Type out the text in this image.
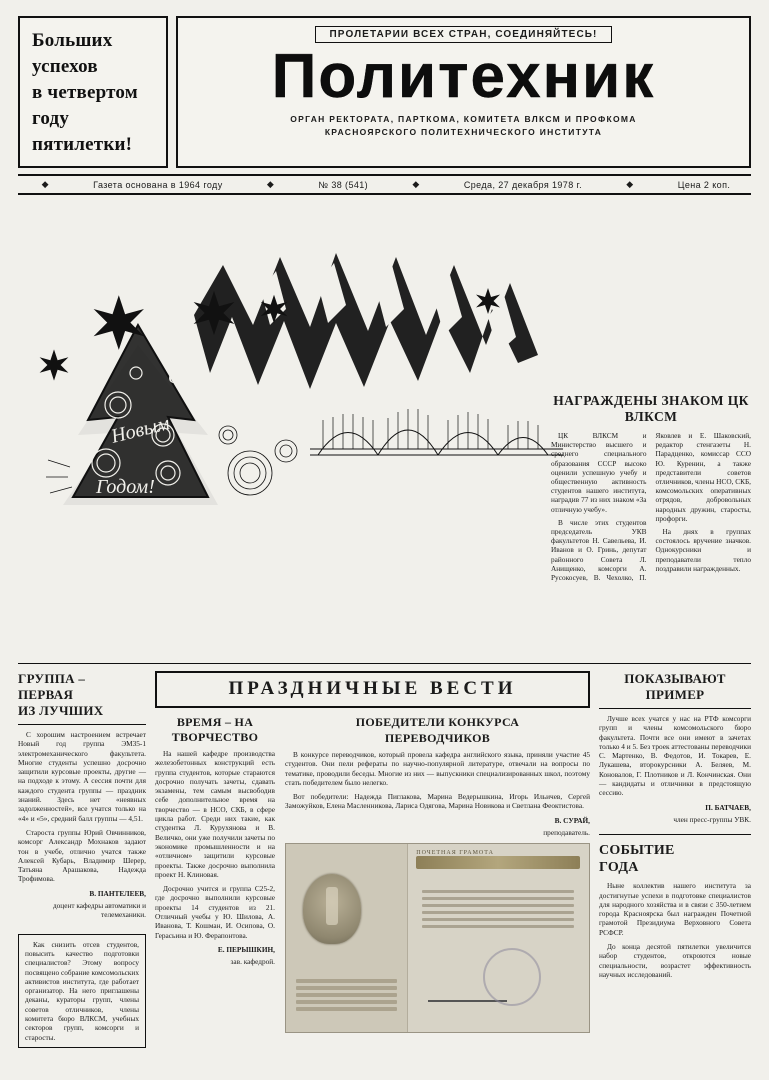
Больших
успехов
в четвертом
году
пятилетки!
ПРОЛЕТАРИИ ВСЕХ СТРАН, СОЕДИНЯЙТЕСЬ!
Политехник
ОРГАН РЕКТОРАТА, ПАРТКОМА, КОМИТЕТА ВЛКСМ И ПРОФКОМА
КРАСНОЯРСКОГО ПОЛИТЕХНИЧЕСКОГО ИНСТИТУТА
◆	Газета основана в 1964 году	◆	№ 38 (541)	◆	Среда, 27 декабря 1978 г.	◆	Цена 2 коп.
С
Новым
Годом!
НАГРАЖДЕНЫ ЗНАКОМ ЦК ВЛКСМ

ЦК ВЛКСМ и Министерство высшего и среднего специального образования СССР высоко оценили успешную учебу и общественную активность студентов нашего института, наградив 77 из них знаком «За отличную учебу».

В числе этих студентов председатель УКВ факультетов Н. Савельева, И. Иванов и О. Гринь, депутат районного Совета Л. Анищенко, комсорги А. Русокосуев, В. Чехолко, П. Яковлев и Е. Шаковский, редактор стенгазеты Н. Парадценко, комиссар ССО Ю. Куренин, а также представители советов отличников, члены НСО, СКБ, комсомольских оперативных отрядов, добровольных народных дружин, старосты, профорги.

На днях в группах состоялось вручение значков. Однокурсники и преподаватели тепло поздравили награжденных.

ГРУППА –
ПЕРВАЯ
ИЗ ЛУЧШИХ

С хорошим настроением встречает Новый год группа ЭМ35-1 электромеханического факультета. Многие студенты успешно досрочно защитили курсовые проекты, другие — на подходе к этому. А сессия почти для каждого студента группы — праздник знаний. Здесь нет «неявных задолженностей», все учатся только на «4» и «5», средний балл группы — 4,51.

Староста группы Юрий Овчинников, комсорг Александр Мохнаков задают тон в учебе, отлично учатся также Алексей Кубарь, Владимир Шерер, Татьяна Арашакова, Надежда Трофимова.

В. ПАНТЕЛЕЕВ,
доцент кафедры автоматики и телемеханики.

Как снизить отсев студентов, повысить качество подготовки специалистов? Этому вопросу посвящено собрание комсомольских активистов института, где работает организатор. На него приглашены деканы, кураторы групп, члены советов отличников, члены комитета бюро ВЛКСМ, учебных секторов групп, комсорги и старосты.

ПРАЗДНИЧНЫЕ ВЕСТИ
ВРЕМЯ – НА
ТВОРЧЕСТВО

На нашей кафедре производства железобетонных конструкций есть группа студентов, которые стараются досрочно получать зачеты, сдавать экзамены, тем самым высвободив себе дополнительное время на творчество — в НСО, СКБ, в сфере цикла работ. Среди них такие, как студентка Л. Курухянова и В. Величко, они уже получили зачеты по экономике промышленности и на «отличном» защитили курсовые проекты. Также досрочно выполнила проект Н. Клиновая.

Досрочно учится и группа С25-2, где досрочно выполнили курсовые проекты 14 студентов из 21. Отличный учебы у Ю. Шилова, А. Иванова, Т. Кошман, И. Осипова, О. Герасьина и Ю. Ферапонтова.

Е. ПЕРЫШКИН,
зав. кафедрой.
ПОБЕДИТЕЛИ КОНКУРСА
ПЕРЕВОДЧИКОВ

В конкурсе переводчиков, который провела кафедра английского языка, приняли участие 45 студентов. Они пели рефераты по научно-популярной литературе, отвечали на вопросы по тематике, проводили беседы. Многие из них — выпускники специализированных школ, поэтому стать победителем было нелегко.

Вот победители: Надежда Пиглакова, Марина Ведерышкина, Игорь Ильичев, Сергей Заможуйков, Елена Масленникова, Лариса Одягова, Марина Новикова и Светлана Феоктистова.

В. СУРАЙ,
преподаватель.
ПОЧЕТНАЯ ГРАМОТА
ПОКАЗЫВАЮТ ПРИМЕР

Лучше всех учатся у нас на РТФ комсорги групп и члены комсомольского бюро факультета. Почти все они имеют в зачетах только 4 и 5. Без троек аттестованы переводчики С. Мартенко, В. Федотов, И. Токарев, Е. Лукашева, второкурсники А. Беляев, М. Коновалов, Г. Плотников и Л. Кончинская. Они — кандидаты и отличники в предстоящую сессию.

П. БАТЧАЕВ,
член пресс-группы УВК.
СОБЫТИЕ
ГОДА

Ныне коллектив нашего института за достигнутые успехи в подготовке специалистов для народного хозяйства и в связи с 350-летием города Красноярска был награжден Почетной грамотой Президиума Верховного Совета РСФСР.

До конца десятой пятилетки увеличится набор студентов, откроются новые специальности, возрастет эффективность научных исследований.
